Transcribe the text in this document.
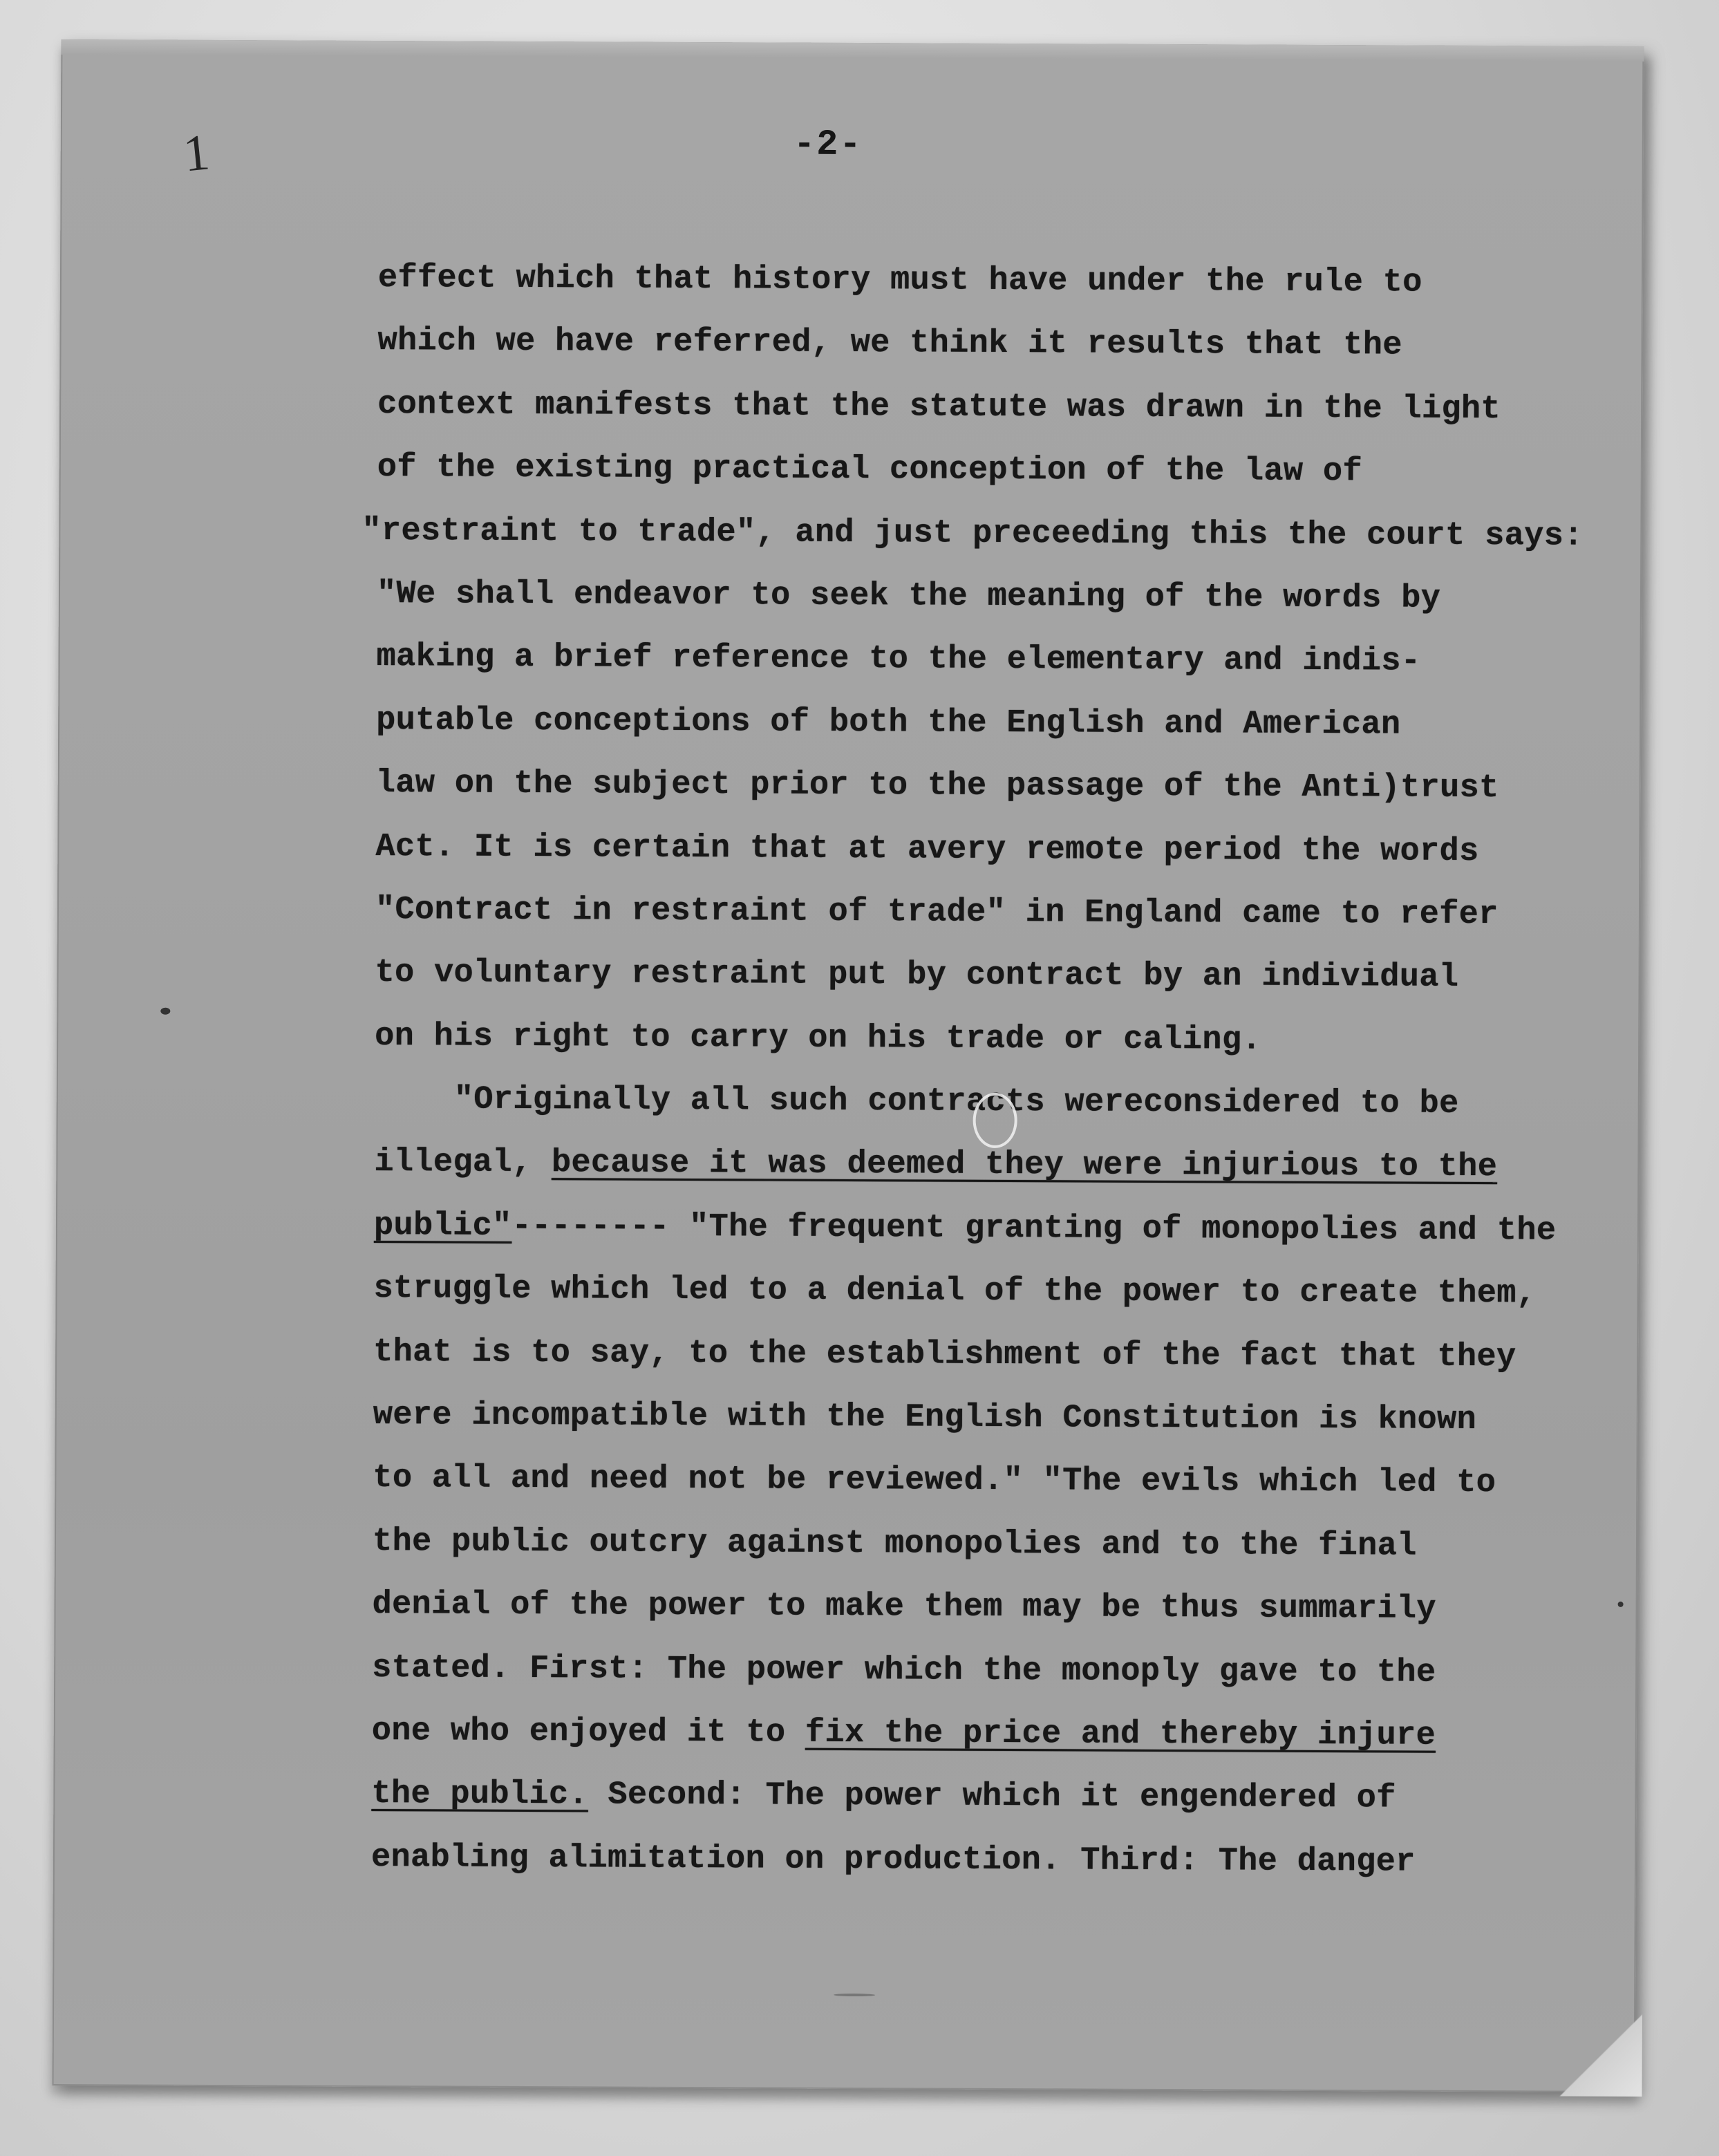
1	-2-
effect which that history must have under the rule to
which we have referred, we think it results that the
context manifests that the statute was drawn in the light
of the existing practical conception of the law of
"restraint to trade", and just preceeding this the court says:
"We shall endeavor to seek the meaning of the words by
making a brief reference to the elementary and indis-
putable conceptions of both the English and American
law on the subject prior to the passage of the Anti)trust
Act. It is certain that at avery remote period the words
"Contract in restraint of trade" in England came to refer
to voluntary restraint put by contract by an individual
on his right to carry on his trade or caling.
"Originally all such contracts wereconsidered to be
illegal, because it was deemed they were injurious to the
public"-------- "The frequent granting of monopolies and the
struggle which led to a denial of the power to create them,
that is to say, to the establishment of the fact that they
were incompatible with the English Constitution is known
to all and need not be reviewed." "The evils which led to
the public outcry against monopolies and to the final
denial of the power to make them may be thus summarily
stated. First: The power which the monoply gave to the
one who enjoyed it to fix the price and thereby injure
the public. Second: The power which it engendered of
enabling alimitation on production. Third: The danger
